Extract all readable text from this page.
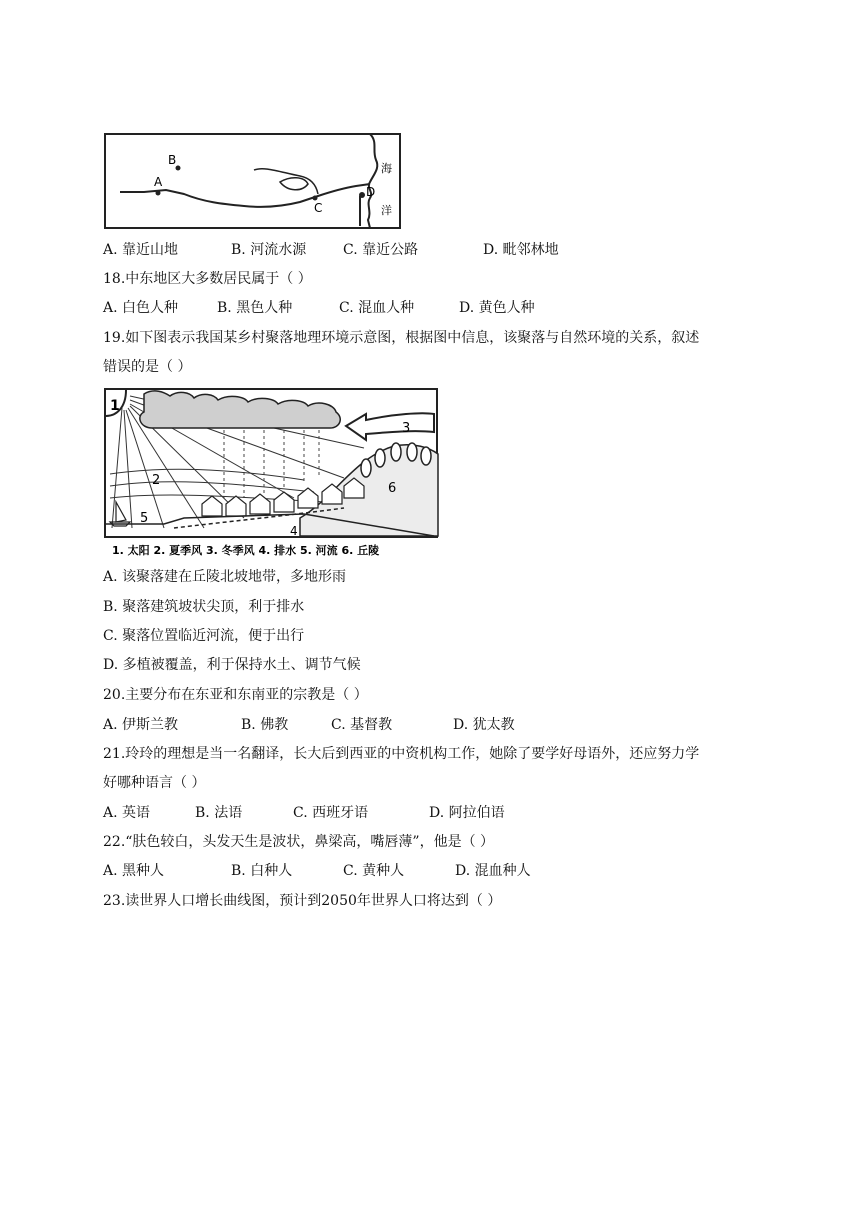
B
A
C
D
海
洋
A. 靠近山地	B. 河流水源	C. 靠近公路	D. 毗邻林地
18.中东地区大多数居民属于（ ）
A. 白色人种	B. 黑色人种	C. 混血人种	D. 黄色人种
19.如下图表示我国某乡村聚落地理环境示意图，根据图中信息，该聚落与自然环境的关系，叙述
错误的是（ ）
1
2
3
4
5
6
1. 太阳 2. 夏季风 3. 冬季风 4. 排水 5. 河流 6. 丘陵
A. 该聚落建在丘陵北坡地带，多地形雨
B. 聚落建筑坡状尖顶，利于排水
C. 聚落位置临近河流，便于出行
D. 多植被覆盖，利于保持水土、调节气候
20.主要分布在东亚和东南亚的宗教是（ ）
A. 伊斯兰教	B. 佛教	C. 基督教	D. 犹太教
21.玲玲的理想是当一名翻译，长大后到西亚的中资机构工作，她除了要学好母语外，还应努力学
好哪种语言（ ）
A. 英语	B. 法语	C. 西班牙语	D. 阿拉伯语
22.“肤色较白，头发天生是波状，鼻梁高，嘴唇薄”，他是（ ）
A. 黑种人	B. 白种人	C. 黄种人	D. 混血种人
23.读世界人口增长曲线图，预计到2050年世界人口将达到（ ）
